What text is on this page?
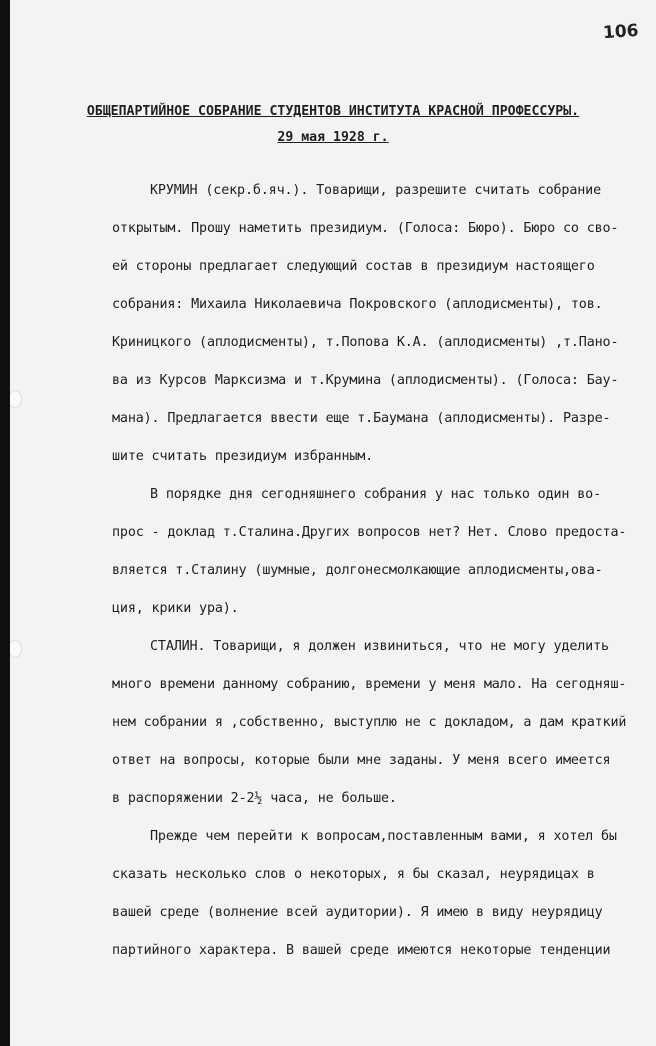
106
ОБЩЕПАРТИЙНОЕ СОБРАНИЕ СТУДЕНТОВ ИНСТИТУТА КРАСНОЙ ПРОФЕССУРЫ.
29 мая 1928 г.
КРУМИН (секр.б.яч.). Товарищи, разрешите считать собрание
открытым. Прошу наметить президиум. (Голоса: Бюро). Бюро со сво-
ей стороны предлагает следующий состав в президиум настоящего
собрания: Михаила Николаевича Покровского (аплодисменты), тов.
Криницкого (аплодисменты), т.Попова К.А. (аплодисменты) ,т.Пано-
ва из Курсов Марксизма и т.Крумина (аплодисменты). (Голоса: Бау-
мана). Предлагается ввести еще т.Баумана (аплодисменты). Разре-
шите считать президиум избранным.
В порядке дня сегодняшнего собрания у нас только один во-
прос - доклад т.Сталина.Других вопросов нет? Нет. Слово предоста-
вляется т.Сталину (шумные, долгонесмолкающие аплодисменты,ова-
ция, крики ура).
СТАЛИН. Товарищи, я должен извиниться, что не могу уделить
много времени данному собранию, времени у меня мало. На сегодняш-
нем собрании я ,собственно, выступлю не с докладом, а дам краткий
ответ на вопросы, которые были мне заданы. У меня всего имеется
в распоряжении 2-2½ часа, не больше.
Прежде чем перейти к вопросам,поставленным вами, я хотел бы
сказать несколько слов о некоторых, я бы сказал, неурядицах в
вашей среде (волнение всей аудитории). Я имею в виду неурядицу
партийного характера. В вашей среде имеются некоторые тенденции
